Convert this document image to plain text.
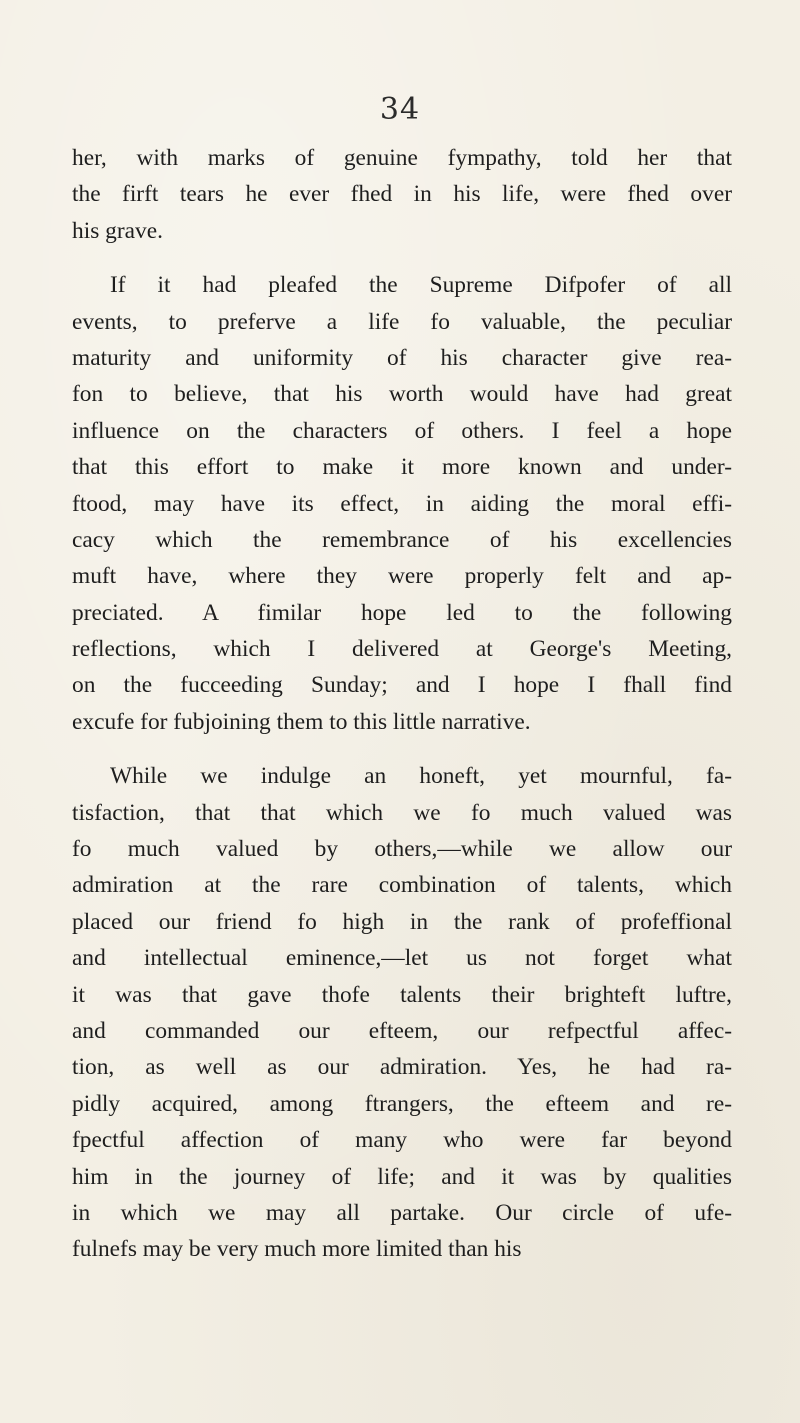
34
her, with marks of genuine fympathy, told her that
the firft tears he ever fhed in his life, were fhed over
his grave.
If it had pleafed the Supreme Difpofer of all
events, to preferve a life fo valuable, the peculiar
maturity and uniformity of his character give rea-
fon to believe, that his worth would have had great
influence on the characters of others. I feel a hope
that this effort to make it more known and under-
ftood, may have its effect, in aiding the moral effi-
cacy which the remembrance of his excellencies
muft have, where they were properly felt and ap-
preciated. A fimilar hope led to the following
reflections, which I delivered at George's Meeting,
on the fucceeding Sunday; and I hope I fhall find
excufe for fubjoining them to this little narrative.
While we indulge an honeft, yet mournful, fa-
tisfaction, that that which we fo much valued was
fo much valued by others,—while we allow our
admiration at the rare combination of talents, which
placed our friend fo high in the rank of profeffional
and intellectual eminence,—let us not forget what
it was that gave thofe talents their brighteft luftre,
and commanded our efteem, our refpectful affec-
tion, as well as our admiration. Yes, he had ra-
pidly acquired, among ftrangers, the efteem and re-
fpectful affection of many who were far beyond
him in the journey of life; and it was by qualities
in which we may all partake. Our circle of ufe-
fulnefs may be very much more limited than his
